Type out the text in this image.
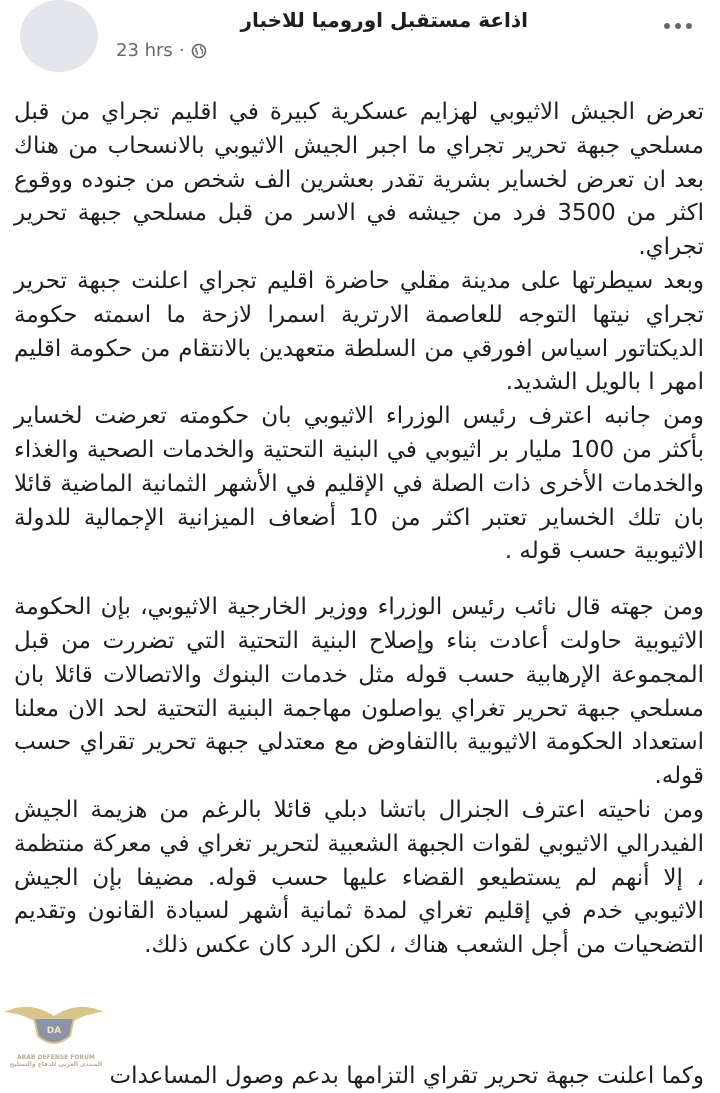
اذاعة مستقبل اوروميا للاخبار
23 hrs ·

تعرض الجيش الاثيوبي لهزايم عسكرية كبيرة في اقليم تجراي من قبل مسلحي جبهة تحرير تجراي ما اجبر الجيش الاثيوبي بالانسحاب من هناك بعد ان تعرض لخساير بشرية تقدر بعشرين الف شخص من جنوده ووقوع اكثر من 3500 فرد من جيشه في الاسر من قبل مسلحي جبهة تحرير تجراي.

وبعد سيطرتها على مدينة مقلي حاضرة اقليم تجراي اعلنت جبهة تحرير تجراي نيتها التوجه للعاصمة الارترية اسمرا لازحة ما اسمته حكومة الديكتاتور اسياس افورقي من السلطة متعهدين بالانتقام من حكومة اقليم امهر ا بالويل الشديد.

ومن جانبه اعترف رئيس الوزراء الاثيوبي بان حكومته تعرضت لخساير بأكثر من 100 مليار بر اثيوبي في البنية التحتية والخدمات الصحية والغذاء والخدمات الأخرى ذات الصلة في الإقليم في الأشهر الثمانية الماضية قائلا بان تلك الخساير تعتبر اكثر من 10 أضعاف الميزانية الإجمالية للدولة الاثيوبية حسب قوله .

ومن جهته قال نائب رئيس الوزراء ووزير الخارجية الاثيوبي، بإن الحكومة الاثيوبية حاولت أعادت بناء وإصلاح البنية التحتية التي تضررت من قبل المجموعة الإرهابية حسب قوله مثل خدمات البنوك والاتصالات قائلا بان مسلحي جبهة تحرير تغراي يواصلون مهاجمة البنية التحتية لحد الان معلنا استعداد الحكومة الاثيوبية باالتفاوض مع معتدلي جبهة تحرير تقراي حسب قوله.

ومن ناحيته اعترف الجنرال باتشا دبلي قائلا بالرغم من هزيمة الجيش الفيدرالي الاثيوبي لقوات الجبهة الشعبية لتحرير تغراي في معركة منتظمة ، إلا أنهم لم يستطيعو القضاء عليها حسب قوله. مضيفا بإن الجيش الاثيوبي خدم في إقليم تغراي لمدة ثمانية أشهر لسيادة القانون وتقديم التضحيات من أجل الشعب هناك ، لكن الرد كان عكس ذلك.

وكما اعلنت جبهة تحرير تقراي التزامها بدعم وصول المساعدات
DA
ARAB DEFENSE FORUM
المنتدى العربي للدفاع والتسليح
